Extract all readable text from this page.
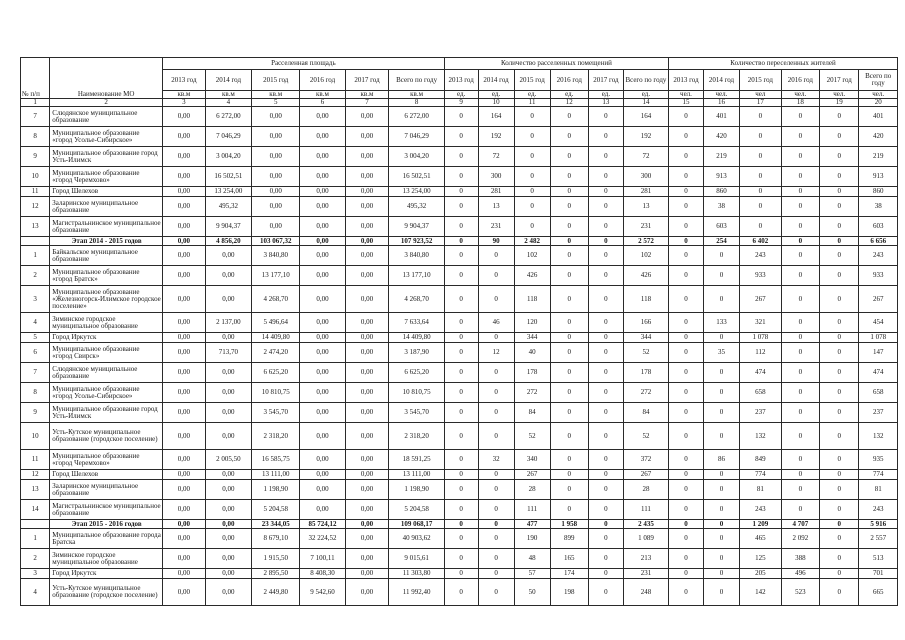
№ п/п	Наименование МО	Расселенная площадь						Количество расселенных помещений						Количество переселенных жителей					
		2013 год	2014 год	2015 год	2016 год	2017 год	Всего по году	2013 год	2014 год	2015 год	2016 год	2017 год	Всего по году	2013 год	2014 год	2015 год	2016 год	2017 год	Всего по году
		кв.м	кв.м	кв.м	кв.м	кв.м	кв.м	ед.	ед.	ед.	ед.	ед.	ед.	чел.	чел.	чел	чел.	чел.	чел.
1	2	3	4	5	6	7	8	9	10	11	12	13	14	15	16	17	18	19	20
7	Слюдянское муниципальное образование	0,00	6 272,00	0,00	0,00	0,00	6 272,00	0	164	0	0	0	164	0	401	0	0	0	401
8	Муниципальное образование «город Усолье-Сибирское»	0,00	7 046,29	0,00	0,00	0,00	7 046,29	0	192	0	0	0	192	0	420	0	0	0	420
9	Муниципальное образование город Усть-Илимск	0,00	3 004,20	0,00	0,00	0,00	3 004,20	0	72	0	0	0	72	0	219	0	0	0	219
10	Муниципальное образование «город Черемхово»	0,00	16 502,51	0,00	0,00	0,00	16 502,51	0	300	0	0	0	300	0	913	0	0	0	913
11	Город Шелехов	0,00	13 254,00	0,00	0,00	0,00	13 254,00	0	281	0	0	0	281	0	860	0	0	0	860
12	Заларинское муниципальное образование	0,00	495,32	0,00	0,00	0,00	495,32	0	13	0	0	0	13	0	38	0	0	0	38
13	Магистральнинское муниципальное образование	0,00	9 904,37	0,00	0,00	0,00	9 904,37	0	231	0	0	0	231	0	603	0	0	0	603
	Этап 2014 - 2015 годов	0,00	4 856,20	103 067,32	0,00	0,00	107 923,52	0	90	2 482	0	0	2 572	0	254	6 402	0	0	6 656
1	Байкальское муниципальное образование	0,00	0,00	3 840,80	0,00	0,00	3 840,80	0	0	102	0	0	102	0	0	243	0	0	243
2	Муниципальное образование «город Братск»	0,00	0,00	13 177,10	0,00	0,00	13 177,10	0	0	426	0	0	426	0	0	933	0	0	933
3	Муниципальное образование «Железногорск-Илимское городское поселение»	0,00	0,00	4 268,70	0,00	0,00	4 268,70	0	0	118	0	0	118	0	0	267	0	0	267
4	Зиминское городское муниципальное образование	0,00	2 137,00	5 496,64	0,00	0,00	7 633,64	0	46	120	0	0	166	0	133	321	0	0	454
5	Город Иркутск	0,00	0,00	14 409,80	0,00	0,00	14 409,80	0	0	344	0	0	344	0	0	1 078	0	0	1 078
6	Муниципальное образование «город Свирск»	0,00	713,70	2 474,20	0,00	0,00	3 187,90	0	12	40	0	0	52	0	35	112	0	0	147
7	Слюдянское муниципальное образование	0,00	0,00	6 625,20	0,00	0,00	6 625,20	0	0	178	0	0	178	0	0	474	0	0	474
8	Муниципальное образование «город Усолье-Сибирское»	0,00	0,00	10 810,75	0,00	0,00	10 810,75	0	0	272	0	0	272	0	0	658	0	0	658
9	Муниципальное образование город Усть-Илимск	0,00	0,00	3 545,70	0,00	0,00	3 545,70	0	0	84	0	0	84	0	0	237	0	0	237
10	Усть-Кутское муниципальное образование (городское поселение)	0,00	0,00	2 318,20	0,00	0,00	2 318,20	0	0	52	0	0	52	0	0	132	0	0	132
11	Муниципальное образование «город Черемхово»	0,00	2 005,50	16 585,75	0,00	0,00	18 591,25	0	32	340	0	0	372	0	86	849	0	0	935
12	Город Шелехов	0,00	0,00	13 111,00	0,00	0,00	13 111,00	0	0	267	0	0	267	0	0	774	0	0	774
13	Заларинское муниципальное образование	0,00	0,00	1 198,90	0,00	0,00	1 198,90	0	0	28	0	0	28	0	0	81	0	0	81
14	Магистральнинское муниципальное образование	0,00	0,00	5 204,58	0,00	0,00	5 204,58	0	0	111	0	0	111	0	0	243	0	0	243
	Этап 2015 - 2016 годов	0,00	0,00	23 344,05	85 724,12	0,00	109 068,17	0	0	477	1 958	0	2 435	0	0	1 209	4 707	0	5 916
1	Муниципальное образование города Братска	0,00	0,00	8 679,10	32 224,52	0,00	40 903,62	0	0	190	899	0	1 089	0	0	465	2 092	0	2 557
2	Зиминское городское муниципальное образование	0,00	0,00	1 915,50	7 100,11	0,00	9 015,61	0	0	48	165	0	213	0	0	125	388	0	513
3	Город Иркутск	0,00	0,00	2 895,50	8 408,30	0,00	11 303,80	0	0	57	174	0	231	0	0	205	496	0	701
4	Усть-Кутское муниципальное образование (городское поселение)	0,00	0,00	2 449,80	9 542,60	0,00	11 992,40	0	0	50	198	0	248	0	0	142	523	0	665
